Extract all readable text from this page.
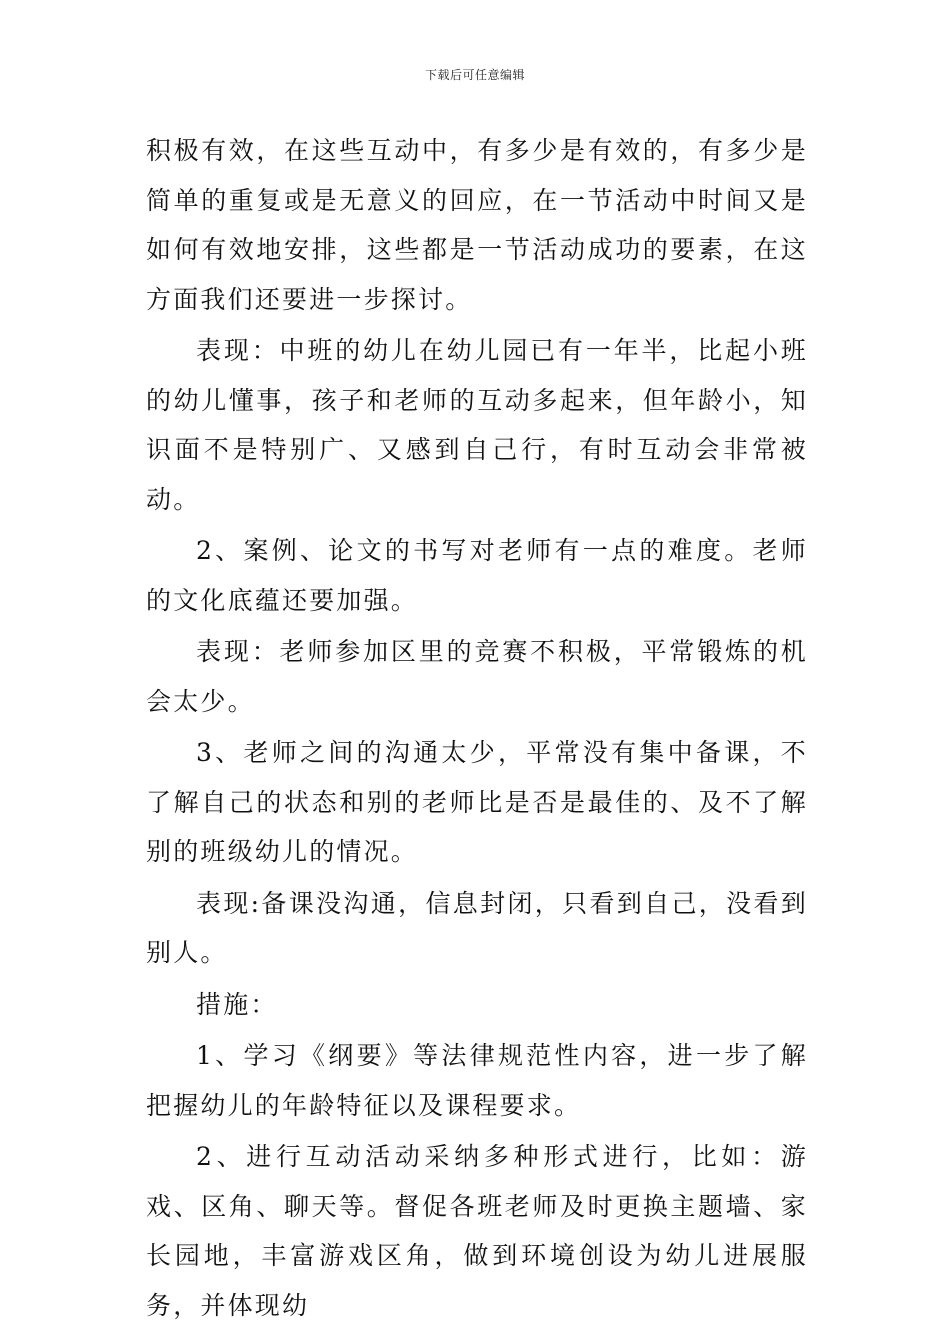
下载后可任意编辑

积极有效，在这些互动中，有多少是有效的，有多少是简单的重复或是无意义的回应，在一节活动中时间又是如何有效地安排，这些都是一节活动成功的要素，在这方面我们还要进一步探讨。

表现：中班的幼儿在幼儿园已有一年半，比起小班的幼儿懂事，孩子和老师的互动多起来，但年龄小，知识面不是特别广、又感到自己行，有时互动会非常被动。

2、案例、论文的书写对老师有一点的难度。老师的文化底蕴还要加强。

表现：老师参加区里的竞赛不积极，平常锻炼的机会太少。

3、老师之间的沟通太少，平常没有集中备课，不了解自己的状态和别的老师比是否是最佳的、及不了解别的班级幼儿的情况。

表现:备课没沟通，信息封闭，只看到自己，没看到别人。

措施：

1、学习《纲要》等法律规范性内容，进一步了解把握幼儿的年龄特征以及课程要求。

2、进行互动活动采纳多种形式进行，比如：游戏、区角、聊天等。督促各班老师及时更换主题墙、家长园地，丰富游戏区角，做到环境创设为幼儿进展服务，并体现幼
